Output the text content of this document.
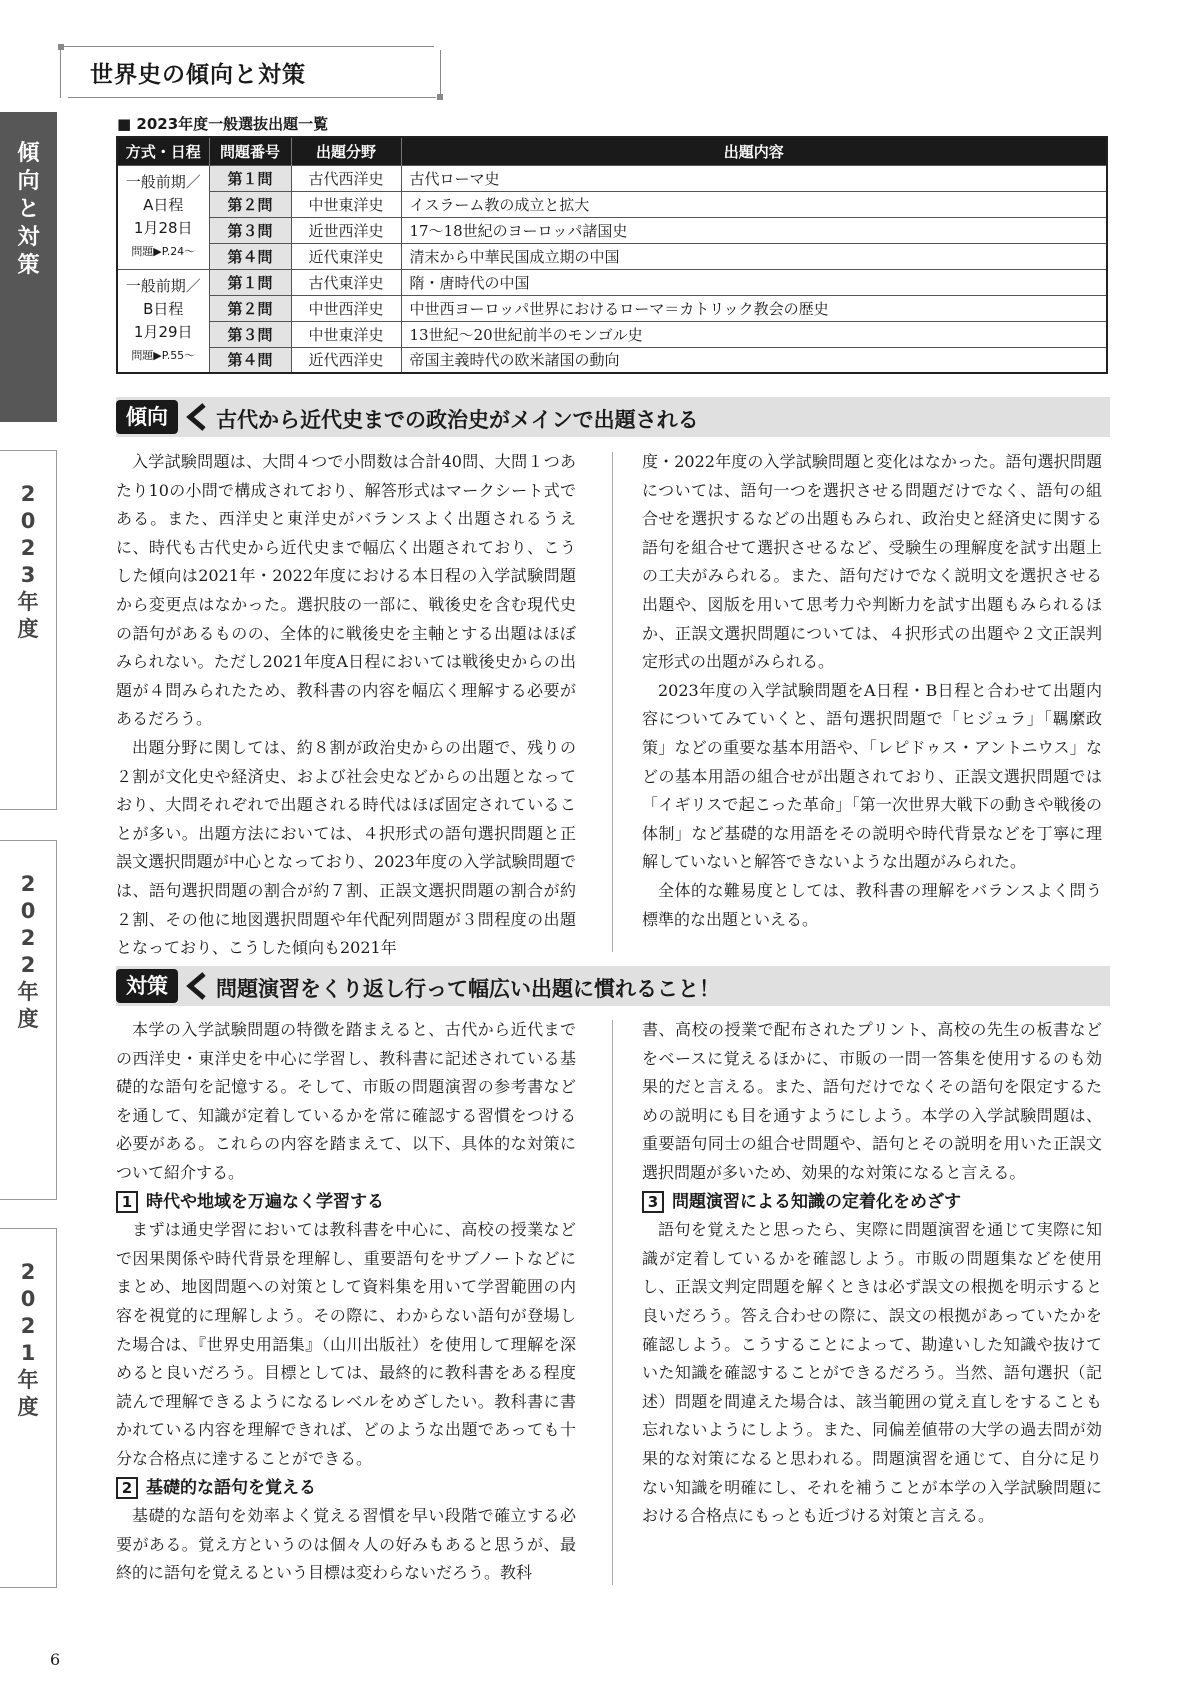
世界史の傾向と対策
傾
向
と
対
策
2
0
2
3
年
度
2
0
2
2
年
度
2
0
2
1
年
度
■ 2023年度一般選抜出題一覧
方式・日程	問題番号	出題分野	出題内容

一般前期／
A日程
1月28日
問題▶P.24〜	第１問	古代西洋史	古代ローマ史
	第２問	中世東洋史	イスラーム教の成立と拡大
	第３問	近世西洋史	17〜18世紀のヨーロッパ諸国史
	第４問	近代東洋史	清末から中華民国成立期の中国

一般前期／
B日程
1月29日
問題▶P.55〜	第１問	古代東洋史	隋・唐時代の中国
	第２問	中世西洋史	中世西ヨーロッパ世界におけるローマ＝カトリック教会の歴史
	第３問	中世東洋史	13世紀〜20世紀前半のモンゴル史
	第４問	近代西洋史	帝国主義時代の欧米諸国の動向
傾向	古代から近代史までの政治史がメインで出題される

入学試験問題は、大問４つで小問数は合計40問、大問１つあたり10の小問で構成されており、解答形式はマークシート式である。また、西洋史と東洋史がバランスよく出題されるうえに、時代も古代史から近代史まで幅広く出題されており、こうした傾向は2021年・2022年度における本日程の入学試験問題から変更点はなかった。選択肢の一部に、戦後史を含む現代史の語句があるものの、全体的に戦後史を主軸とする出題はほぼみられない。ただし2021年度A日程においては戦後史からの出題が４問みられたため、教科書の内容を幅広く理解する必要があるだろう。

出題分野に関しては、約８割が政治史からの出題で、残りの２割が文化史や経済史、および社会史などからの出題となっており、大問それぞれで出題される時代はほぼ固定されていることが多い。出題方法においては、４択形式の語句選択問題と正誤文選択問題が中心となっており、2023年度の入学試験問題では、語句選択問題の割合が約７割、正誤文選択問題の割合が約２割、その他に地図選択問題や年代配列問題が３問程度の出題となっており、こうした傾向も2021年

度・2022年度の入学試験問題と変化はなかった。語句選択問題については、語句一つを選択させる問題だけでなく、語句の組合せを選択するなどの出題もみられ、政治史と経済史に関する語句を組合せて選択させるなど、受験生の理解度を試す出題上の工夫がみられる。また、語句だけでなく説明文を選択させる出題や、図版を用いて思考力や判断力を試す出題もみられるほか、正誤文選択問題については、４択形式の出題や２文正誤判定形式の出題がみられる。

2023年度の入学試験問題をA日程・B日程と合わせて出題内容についてみていくと、語句選択問題で「ヒジュラ」「羈縻政策」などの重要な基本用語や、「レピドゥス・アントニウス」などの基本用語の組合せが出題されており、正誤文選択問題では「イギリスで起こった革命」「第一次世界大戦下の動きや戦後の体制」など基礎的な用語をその説明や時代背景などを丁寧に理解していないと解答できないような出題がみられた。

全体的な難易度としては、教科書の理解をバランスよく問う標準的な出題といえる。

対策	問題演習をくり返し行って幅広い出題に慣れること！

本学の入学試験問題の特徴を踏まえると、古代から近代までの西洋史・東洋史を中心に学習し、教科書に記述されている基礎的な語句を記憶する。そして、市販の問題演習の参考書などを通して、知識が定着しているかを常に確認する習慣をつける必要がある。これらの内容を踏まえて、以下、具体的な対策について紹介する。

1 時代や地域を万遍なく学習する

まずは通史学習においては教科書を中心に、高校の授業などで因果関係や時代背景を理解し、重要語句をサブノートなどにまとめ、地図問題への対策として資料集を用いて学習範囲の内容を視覚的に理解しよう。その際に、わからない語句が登場した場合は、『世界史用語集』（山川出版社）を使用して理解を深めると良いだろう。目標としては、最終的に教科書をある程度読んで理解できるようになるレベルをめざしたい。教科書に書かれている内容を理解できれば、どのような出題であっても十分な合格点に達することができる。

2 基礎的な語句を覚える

基礎的な語句を効率よく覚える習慣を早い段階で確立する必要がある。覚え方というのは個々人の好みもあると思うが、最終的に語句を覚えるという目標は変わらないだろう。教科

書、高校の授業で配布されたプリント、高校の先生の板書などをベースに覚えるほかに、市販の一問一答集を使用するのも効果的だと言える。また、語句だけでなくその語句を限定するための説明にも目を通すようにしよう。本学の入学試験問題は、重要語句同士の組合せ問題や、語句とその説明を用いた正誤文選択問題が多いため、効果的な対策になると言える。

3 問題演習による知識の定着化をめざす

語句を覚えたと思ったら、実際に問題演習を通じて実際に知識が定着しているかを確認しよう。市販の問題集などを使用し、正誤文判定問題を解くときは必ず誤文の根拠を明示すると良いだろう。答え合わせの際に、誤文の根拠があっていたかを確認しよう。こうすることによって、勘違いした知識や抜けていた知識を確認することができるだろう。当然、語句選択（記述）問題を間違えた場合は、該当範囲の覚え直しをすることも忘れないようにしよう。また、同偏差値帯の大学の過去問が効果的な対策になると思われる。問題演習を通じて、自分に足りない知識を明確にし、それを補うことが本学の入学試験問題における合格点にもっとも近づける対策と言える。

6
